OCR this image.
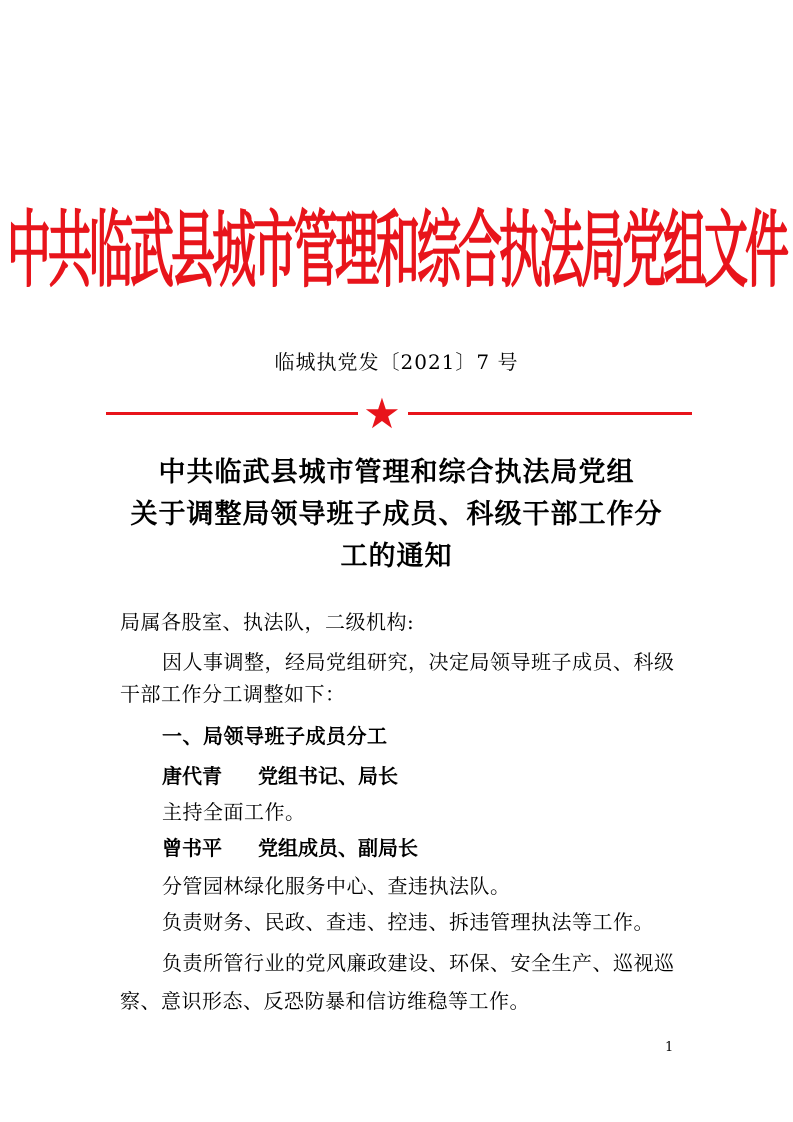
中共临武县城市管理和综合执法局党组文件
临城执党发〔2021〕7 号
★
中共临武县城市管理和综合执法局党组
关于调整局领导班子成员、科级干部工作分
工的通知
局属各股室、执法队，二级机构:
因人事调整，经局党组研究，决定局领导班子成员、科级干部工作分工调整如下：
一、局领导班子成员分工
唐代青 党组书记、局长
主持全面工作。
曾书平 党组成员、副局长
分管园林绿化服务中心、查违执法队。
负责财务、民政、查违、控违、拆违管理执法等工作。
负责所管行业的党风廉政建设、环保、安全生产、巡视巡察、意识形态、反恐防暴和信访维稳等工作。
1
